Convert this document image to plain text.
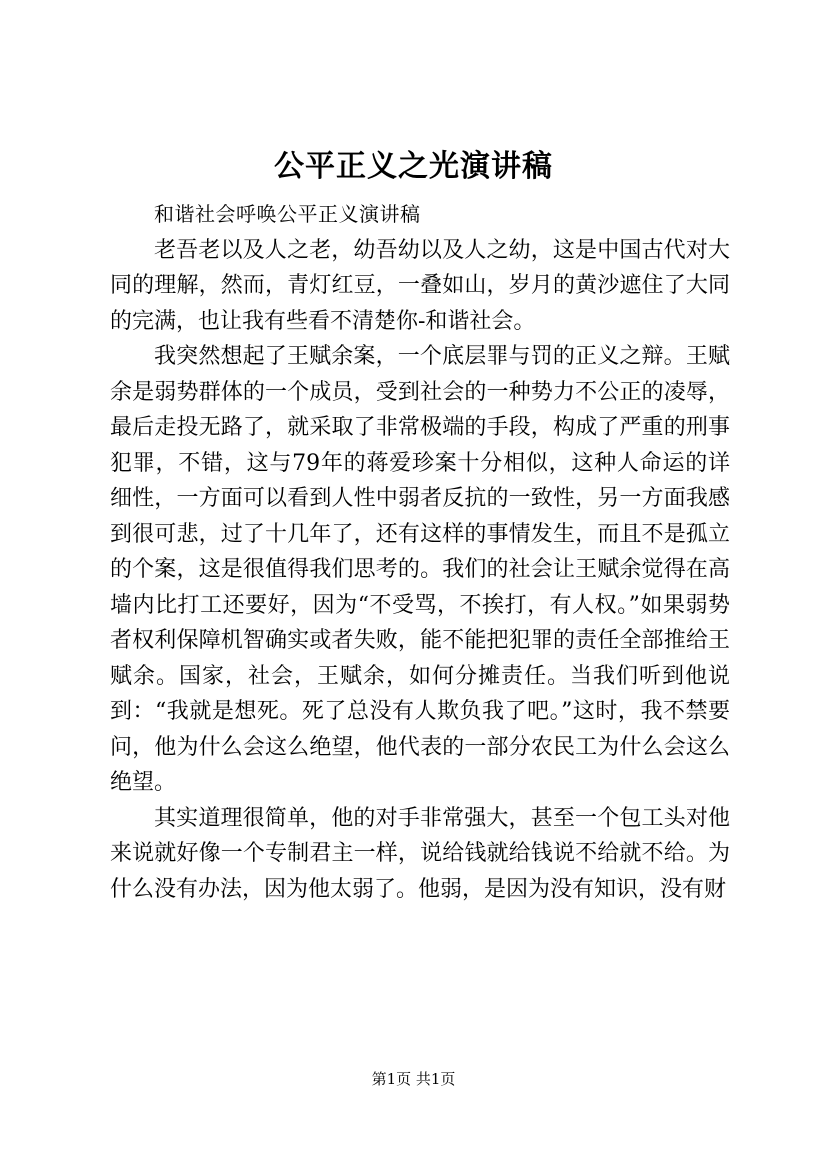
公平正义之光演讲稿

和谐社会呼唤公平正义演讲稿

老吾老以及人之老，幼吾幼以及人之幼，这是中国古代对大同的理解，然而，青灯红豆，一叠如山，岁月的黄沙遮住了大同的完满，也让我有些看不清楚你-和谐社会。

我突然想起了王赋余案，一个底层罪与罚的正义之辩。王赋余是弱势群体的一个成员，受到社会的一种势力不公正的凌辱，最后走投无路了，就采取了非常极端的手段，构成了严重的刑事犯罪，不错，这与79年的蒋爱珍案十分相似，这种人命运的详细性，一方面可以看到人性中弱者反抗的一致性，另一方面我感到很可悲，过了十几年了，还有这样的事情发生，而且不是孤立的个案，这是很值得我们思考的。我们的社会让王赋余觉得在高墙内比打工还要好，因为“不受骂，不挨打，有人权。”如果弱势者权利保障机智确实或者失败，能不能把犯罪的责任全部推给王赋余。国家，社会，王赋余，如何分摊责任。当我们听到他说到：“我就是想死。死了总没有人欺负我了吧。”这时，我不禁要问，他为什么会这么绝望，他代表的一部分农民工为什么会这么绝望。

其实道理很简单，他的对手非常强大，甚至一个包工头对他来说就好像一个专制君主一样，说给钱就给钱说不给就不给。为什么没有办法，因为他太弱了。他弱，是因为没有知识，没有财

第1页 共1页
